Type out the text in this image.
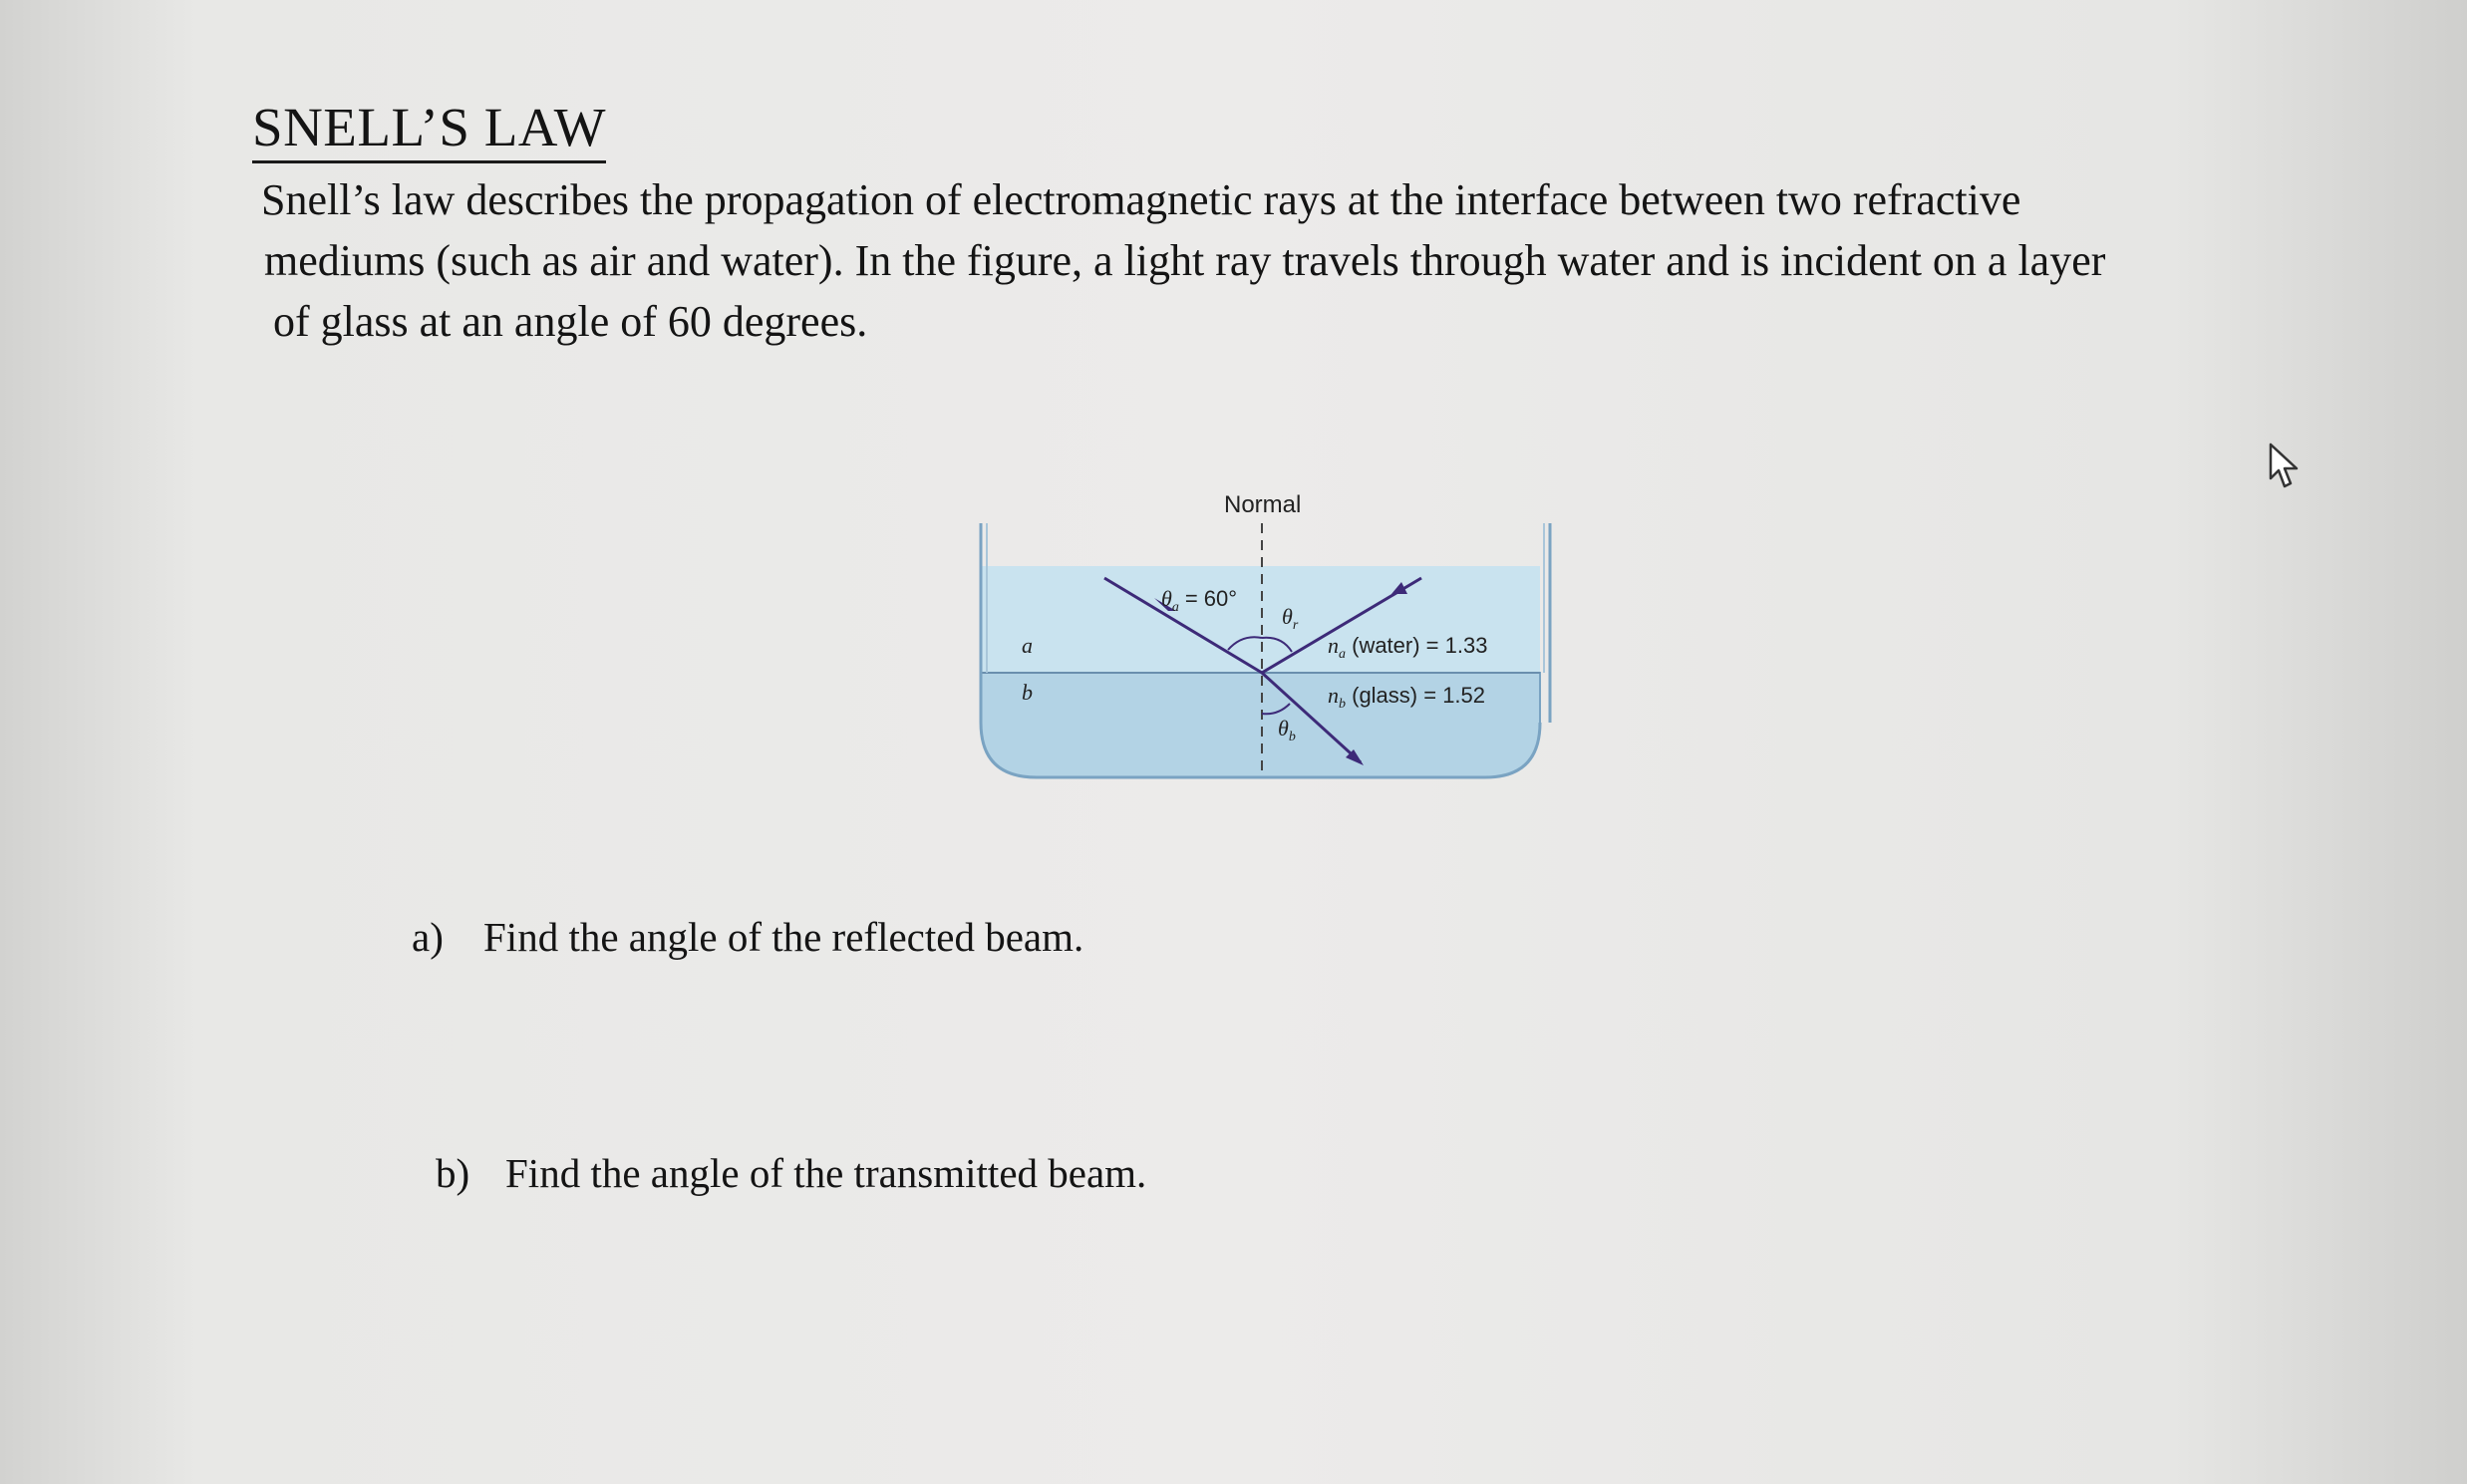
SNELL’S LAW
Snell’s law describes the propagation of electromagnetic rays at the interface between two refractive
mediums (such as air and water). In the figure, a light ray travels through water and is incident on a layer
of glass at an angle of 60 degrees.
Normal
$\theta_a = 60^\circ$
$\theta_r$
$\theta_b$
a
b
$n_a$ (water) = 1.33
$n_b$ (glass) = 1.52
a) Find the angle of the reflected beam.
b) Find the angle of the transmitted beam.
